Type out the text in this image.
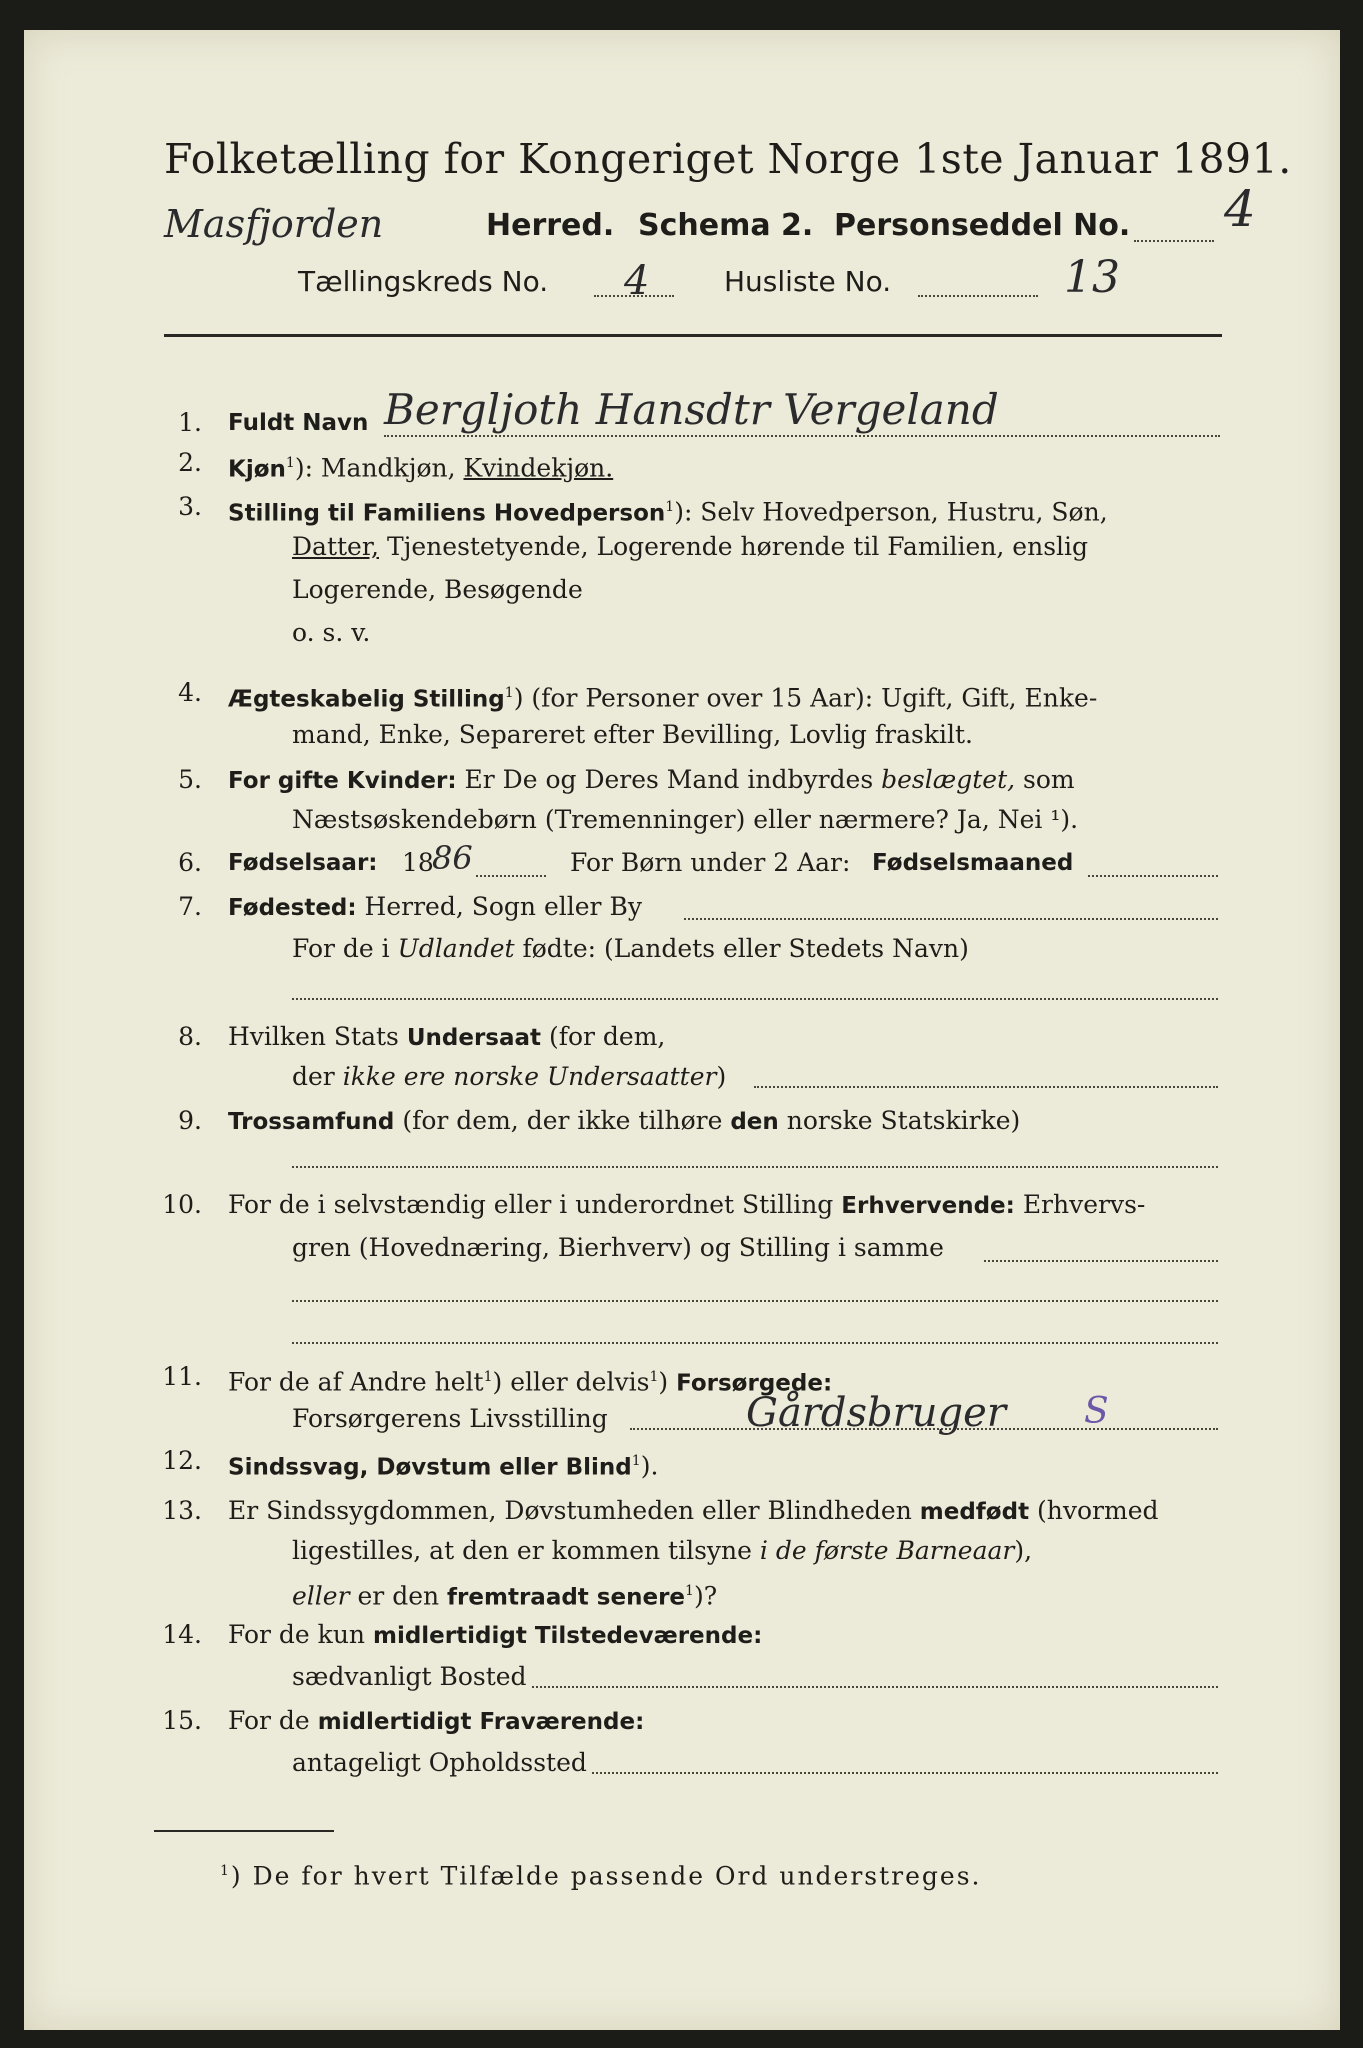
Folketælling for Kongeriget Norge 1ste Januar 1891.
Masfjorden	Herred. Schema 2. Personseddel No. 4
Tællingskreds No. 4	Husliste No.	13
1. Fuldt Navn Bergljoth Hansdtr Vergeland
2. Kjøn$^1$): Mandkjøn, Kvindekjøn.
3. Stilling til Familiens Hovedperson$^1$): Selv Hovedperson, Hustru, Søn,
Datter, Tjenestetyende, Logerende hørende til Familien, enslig
Logerende, Besøgende
o. s. v.
4. Ægteskabelig Stilling$^1$) (for Personer over 15 Aar): Ugift, Gift, Enke-
mand, Enke, Separeret efter Bevilling, Lovlig fraskilt.
5. For gifte Kvinder: Er De og Deres Mand indbyrdes beslægtet, som
Næstsøskendebørn (Tremenninger) eller nærmere? Ja, Nei ¹).
6. Fødselsaar: 18
86	For Børn under 2 Aar: Fødselsmaaned
7. Fødested: Herred, Sogn eller By
For de i Udlandet fødte: (Landets eller Stedets Navn)
8. Hvilken Stats Undersaat (for dem,
der ikke ere norske Undersaatter)
9. Trossamfund (for dem, der ikke tilhøre den norske Statskirke)
10. For de i selvstændig eller i underordnet Stilling Erhvervende: Erhvervs-
gren (Hovednæring, Bierhverv) og Stilling i samme
11. For de af Andre helt$^1$) eller delvis$^1$) Forsørgede:
Forsørgerens Livsstilling	Gårdsbruger S
12. Sindssvag, Døvstum eller Blind$^1$).
13. Er Sindssygdommen, Døvstumheden eller Blindheden medfødt (hvormed
ligestilles, at den er kommen tilsyne i de første Barneaar),
eller er den fremtraadt senere$^1$)?
14. For de kun midlertidigt Tilstedeværende:
sædvanligt Bosted
15. For de midlertidigt Fraværende:
antageligt Opholdssted
$^1$) De for hvert Tilfælde passende Ord understreges.
